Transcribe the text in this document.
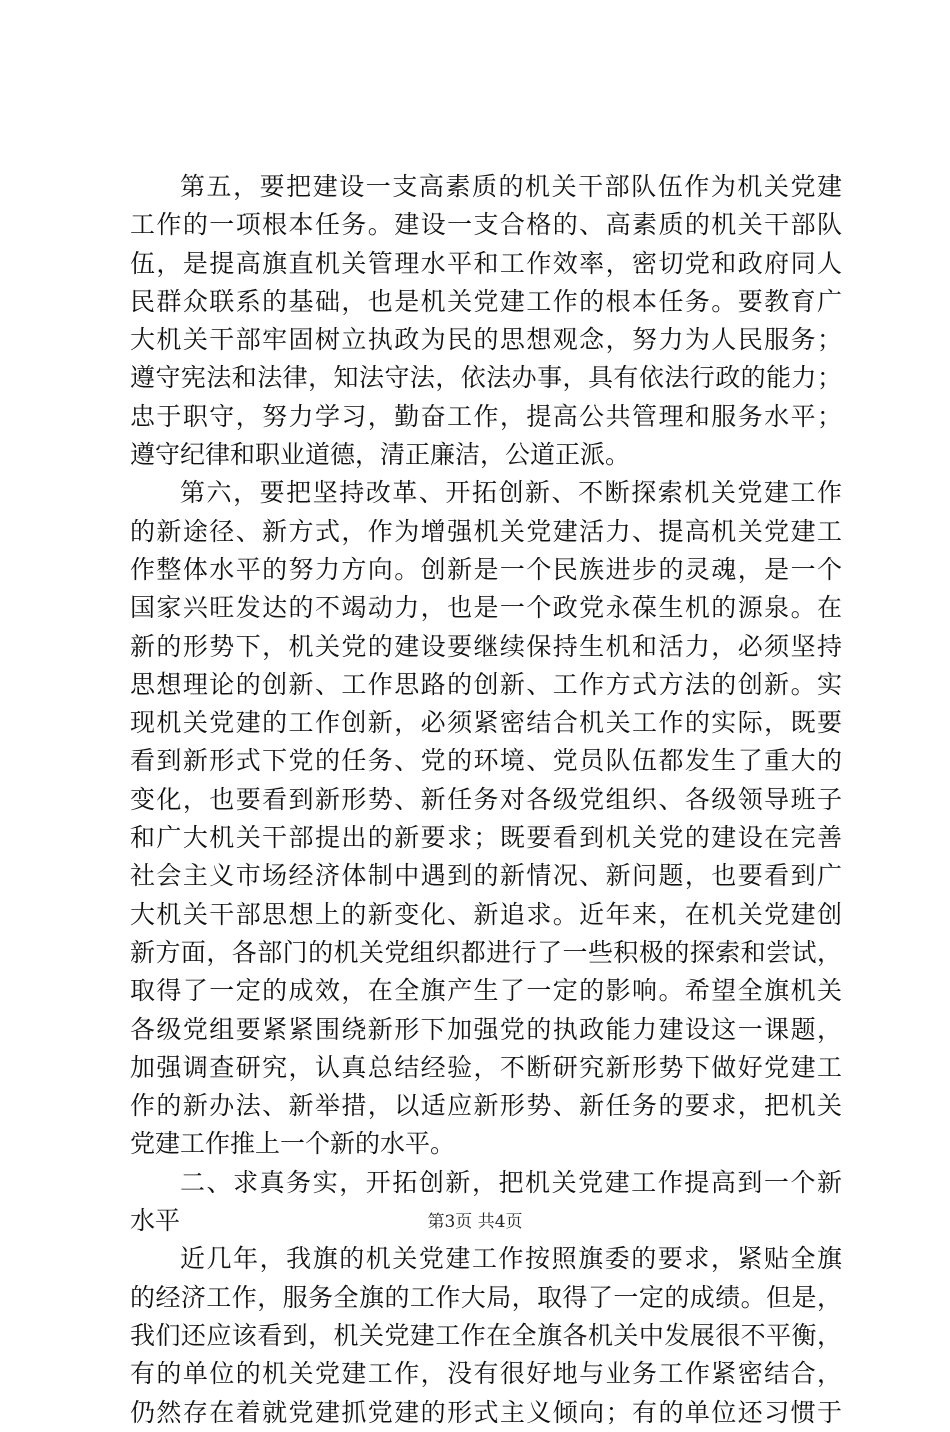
第五，要把建设一支高素质的机关干部队伍作为机关党建
工作的一项根本任务。建设一支合格的、高素质的机关干部队
伍，是提高旗直机关管理水平和工作效率，密切党和政府同人
民群众联系的基础，也是机关党建工作的根本任务。要教育广
大机关干部牢固树立执政为民的思想观念，努力为人民服务；
遵守宪法和法律，知法守法，依法办事，具有依法行政的能力；
忠于职守，努力学习，勤奋工作，提高公共管理和服务水平；
遵守纪律和职业道德，清正廉洁，公道正派。
第六，要把坚持改革、开拓创新、不断探索机关党建工作
的新途径、新方式，作为增强机关党建活力、提高机关党建工
作整体水平的努力方向。创新是一个民族进步的灵魂，是一个
国家兴旺发达的不竭动力，也是一个政党永葆生机的源泉。在
新的形势下，机关党的建设要继续保持生机和活力，必须坚持
思想理论的创新、工作思路的创新、工作方式方法的创新。实
现机关党建的工作创新，必须紧密结合机关工作的实际，既要
看到新形式下党的任务、党的环境、党员队伍都发生了重大的
变化，也要看到新形势、新任务对各级党组织、各级领导班子
和广大机关干部提出的新要求；既要看到机关党的建设在完善
社会主义市场经济体制中遇到的新情况、新问题，也要看到广
大机关干部思想上的新变化、新追求。近年来，在机关党建创
新方面，各部门的机关党组织都进行了一些积极的探索和尝试，
取得了一定的成效，在全旗产生了一定的影响。希望全旗机关
各级党组要紧紧围绕新形下加强党的执政能力建设这一课题，
加强调查研究，认真总结经验，不断研究新形势下做好党建工
作的新办法、新举措，以适应新形势、新任务的要求，把机关
党建工作推上一个新的水平。
二、求真务实，开拓创新，把机关党建工作提高到一个新
水平
近几年，我旗的机关党建工作按照旗委的要求，紧贴全旗
的经济工作，服务全旗的工作大局，取得了一定的成绩。但是，
我们还应该看到，机关党建工作在全旗各机关中发展很不平衡，
有的单位的机关党建工作，没有很好地与业务工作紧密结合，
仍然存在着就党建抓党建的形式主义倾向；有的单位还习惯于
第3页 共4页
